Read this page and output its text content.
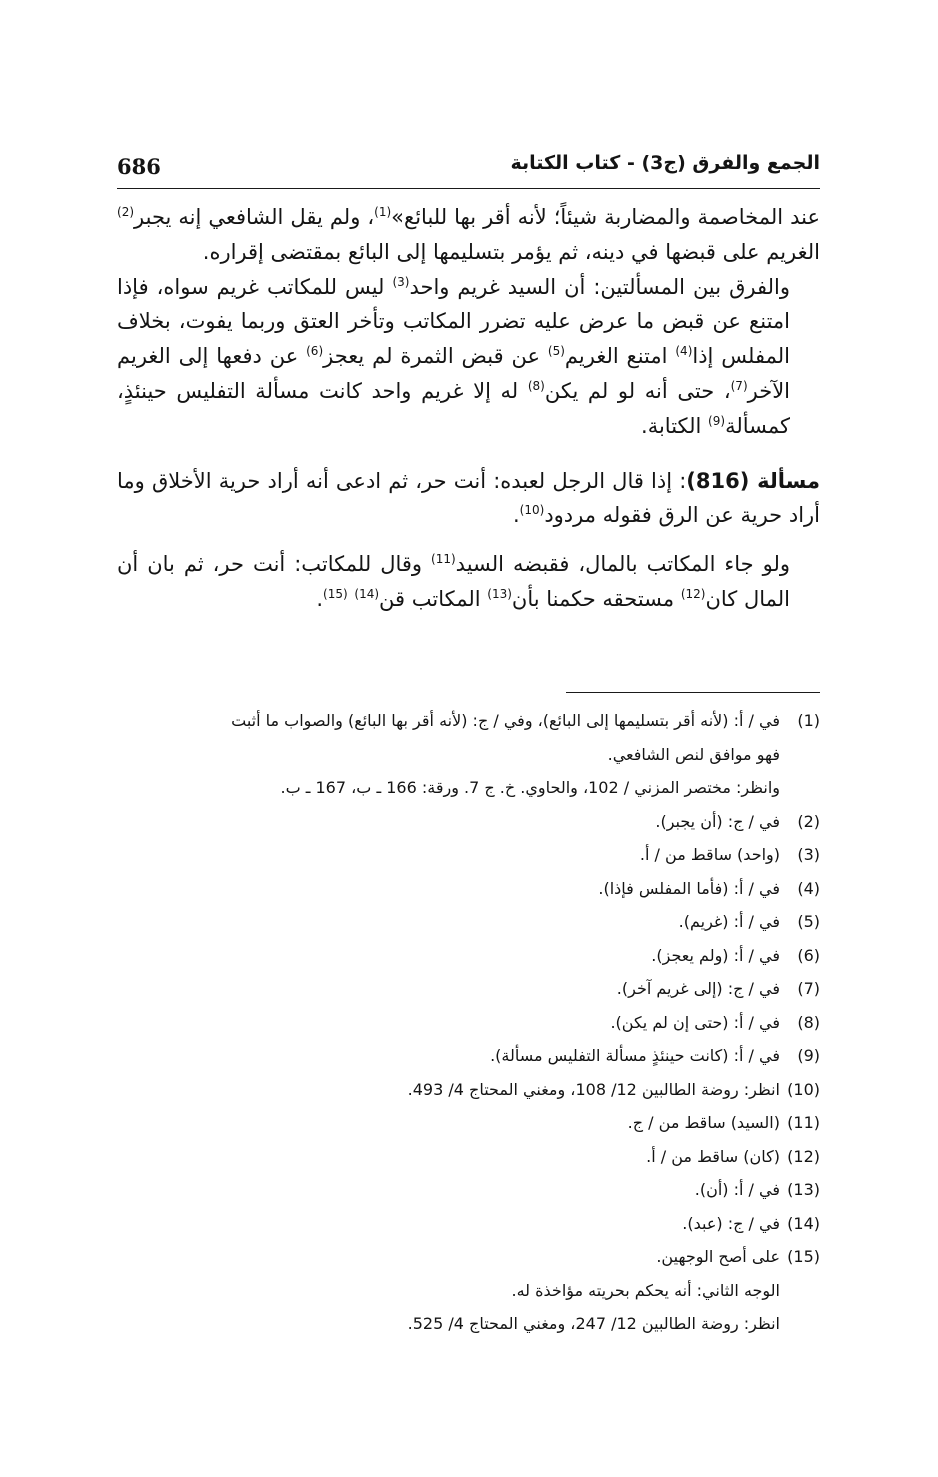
686	الجمع والفرق (ج3) - كتاب الكتابة

عند المخاصمة والمضاربة شيئاً؛ لأنه أقر بها للبائع»$^{(1)}$، ولم يقل الشافعي إنه يجبر$^{(2)}$ الغريم على قبضها في دينه، ثم يؤمر بتسليمها إلى البائع بمقتضى إقراره.

والفرق بين المسألتين: أن السيد غريم واحد$^{(3)}$ ليس للمكاتب غريم سواه، فإذا امتنع عن قبض ما عرض عليه تضرر المكاتب وتأخر العتق وربما يفوت، بخلاف المفلس إذا$^{(4)}$ امتنع الغريم$^{(5)}$ عن قبض الثمرة لم يعجز$^{(6)}$ عن دفعها إلى الغريم الآخر$^{(7)}$، حتى أنه لو لم يكن$^{(8)}$ له إلا غريم واحد كانت مسألة التفليس حينئذٍ، كمسألة$^{(9)}$ الكتابة.

مسألة (816): إذا قال الرجل لعبده: أنت حر، ثم ادعى أنه أراد حرية الأخلاق وما أراد حرية عن الرق فقوله مردود$^{(10)}$.

ولو جاء المكاتب بالمال، فقبضه السيد$^{(11)}$ وقال للمكاتب: أنت حر، ثم بان أن المال كان$^{(12)}$ مستحقه حكمنا بأن$^{(13)}$ المكاتب قن$^{(14)}$ $^{(15)}$.

(1)
في / أ: (لأنه أقر بتسليمها إلى البائع)، وفي / ج: (لأنه أقر بها البائع) والصواب ما أثبت
فهو موافق لنص الشافعي.
وانظر: مختصر المزني / 102، والحاوي. خ. ج 7. ورقة: 166 ـ ب، 167 ـ ب.
(2)
في / ج: (أن يجبر).
(3)
(واحد) ساقط من / أ.
(4)
في / أ: (فأما المفلس فإذا).
(5)
في / أ: (غريم).
(6)
في / أ: (ولم يعجز).
(7)
في / ج: (إلى غريم آخر).
(8)
في / أ: (حتى إن لم يكن).
(9)
في / أ: (كانت حينئذٍ مسألة التفليس مسألة).
(10)
انظر: روضة الطالبين 12/ 108، ومغني المحتاج 4/ 493.
(11)
(السيد) ساقط من / ج.
(12)
(كان) ساقط من / أ.
(13)
في / أ: (أن).
(14)
في / ج: (عبد).
(15)
على أصح الوجهين.
الوجه الثاني: أنه يحكم بحريته مؤاخذة له.
انظر: روضة الطالبين 12/ 247، ومغني المحتاج 4/ 525.
